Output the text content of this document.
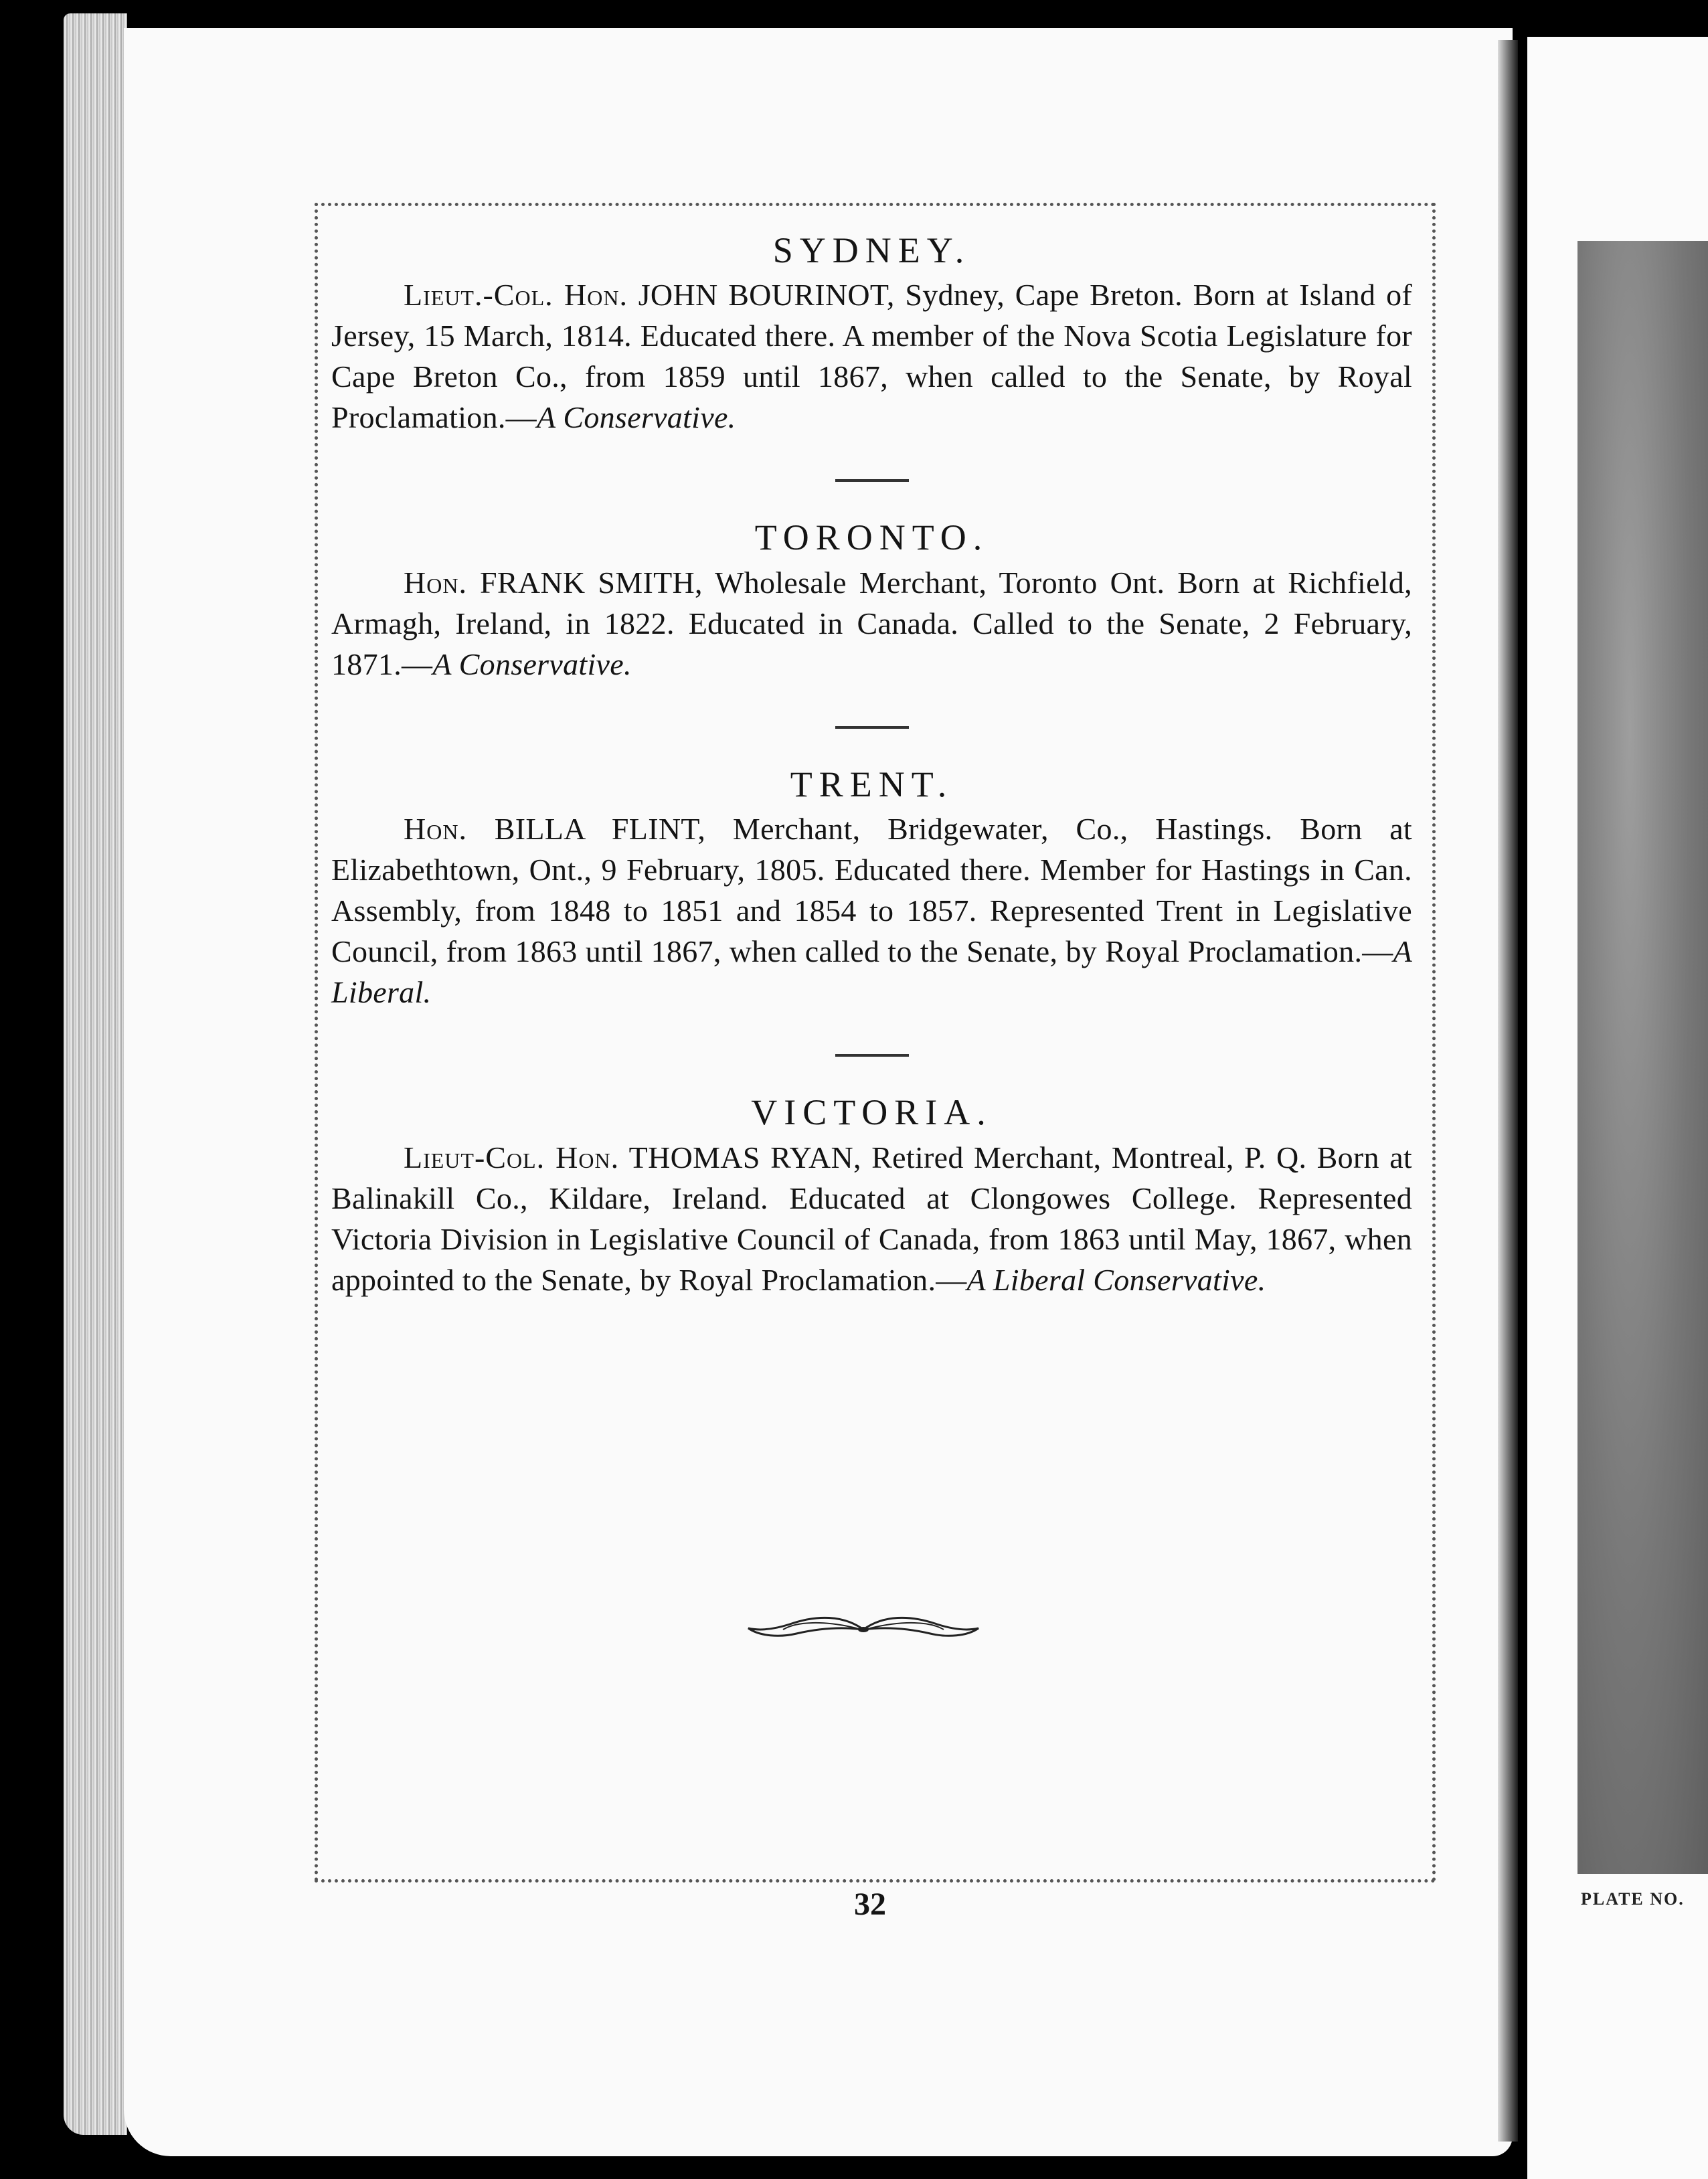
PLATE NO.
SYDNEY.

Lieut.-Col. Hon. JOHN BOURINOT, Sydney, Cape Breton. Born at Island of Jersey, 15 March, 1814. Educated there. A member of the Nova Scotia Legislature for Cape Breton Co., from 1859 until 1867, when called to the Senate, by Royal Proclamation.—A Conservative.

TORONTO.

Hon. FRANK SMITH, Wholesale Merchant, Toronto Ont. Born at Richfield, Armagh, Ireland, in 1822. Educated in Canada. Called to the Senate, 2 February, 1871.—A Conservative.

TRENT.

Hon. BILLA FLINT, Merchant, Bridgewater, Co., Hastings. Born at Elizabethtown, Ont., 9 February, 1805. Educated there. Member for Hastings in Can. Assembly, from 1848 to 1851 and 1854 to 1857. Represented Trent in Legislative Council, from 1863 until 1867, when called to the Senate, by Royal Proclamation.—A Liberal.

VICTORIA.

Lieut-Col. Hon. THOMAS RYAN, Retired Merchant, Montreal, P. Q. Born at Balinakill Co., Kildare, Ireland. Educated at Clongowes College. Represented Victoria Division in Legislative Council of Canada, from 1863 until May, 1867, when appointed to the Senate, by Royal Proclamation.—A Liberal Conservative.

32
